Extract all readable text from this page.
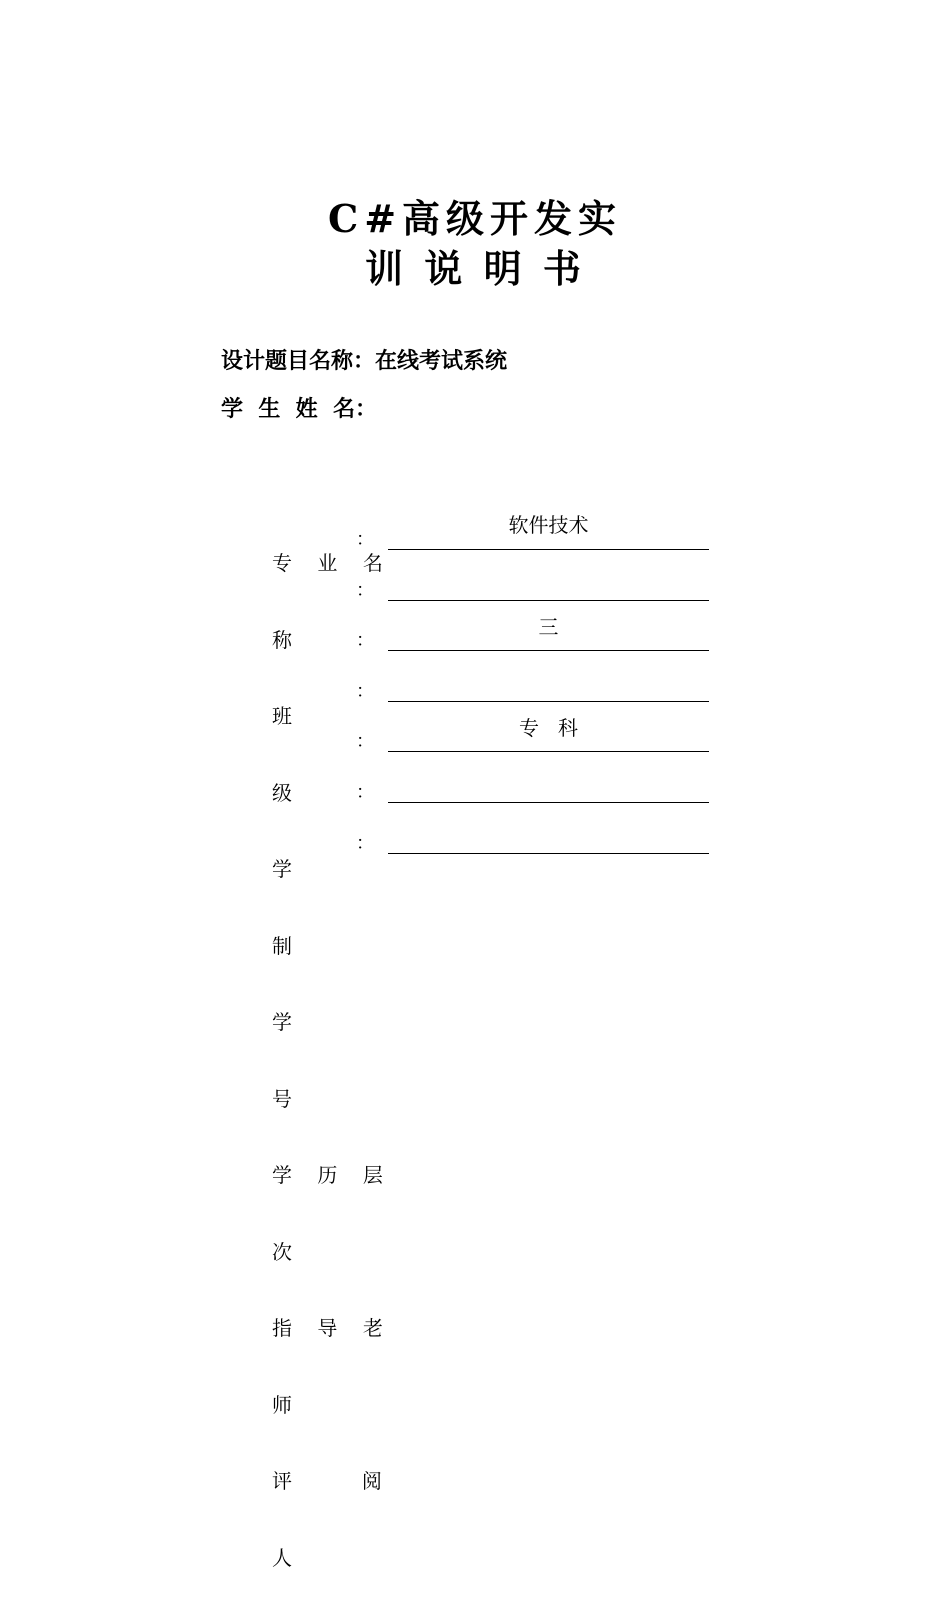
C#高级开发实
训 说 明 书
设计题目名称：在线考试系统
学  生  姓  名：

专    业    名

称

班

级

学

制

学

号

学    历    层

次

指    导    老

师

评           阅

人

：
软件技术
：
：
三
：
：
专   科
：
：
